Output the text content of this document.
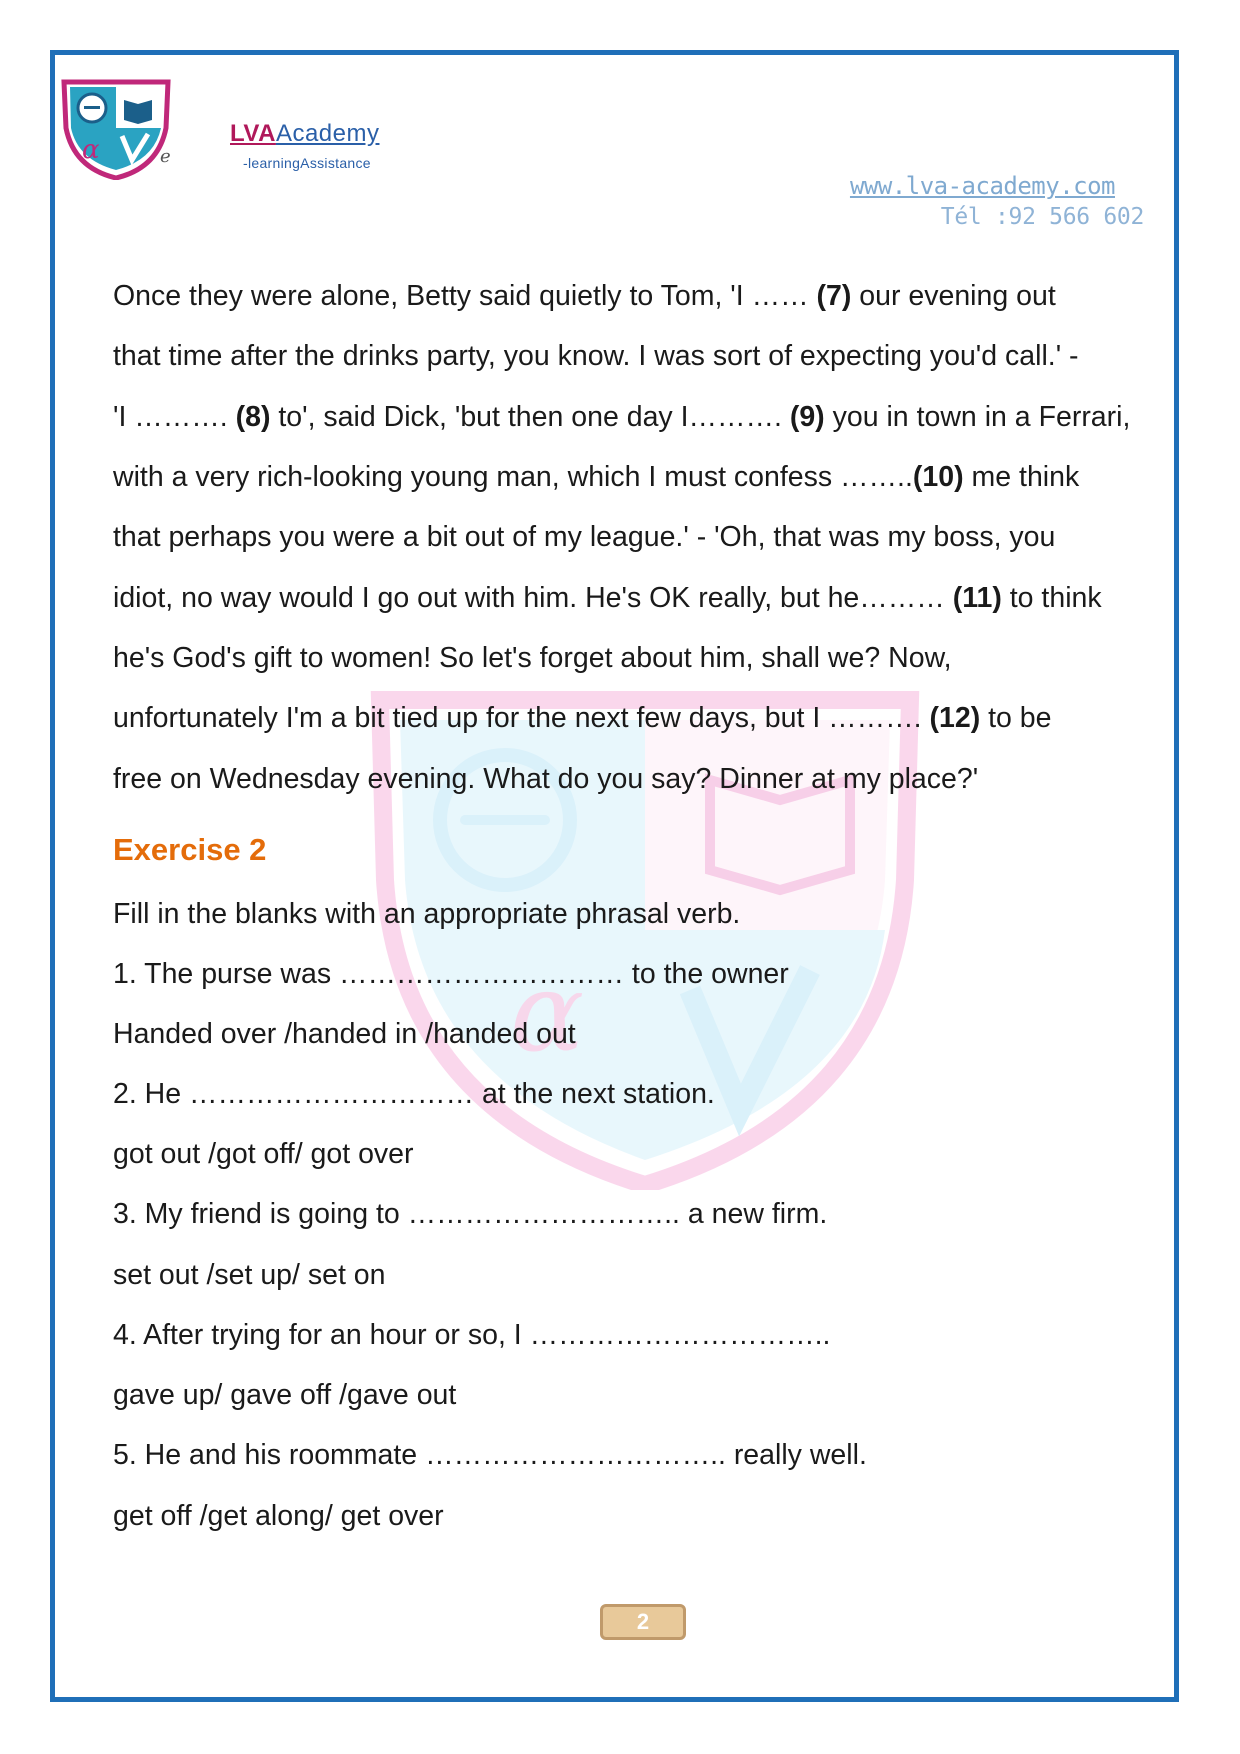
α
α	e
LVAAcademy
-learningAssistance
www.lva-academy.com
Tél :92 566 602
Once they were alone, Betty said quietly to Tom, 'I …… (7) our evening out
that time after the drinks party, you know. I was sort of expecting you'd call.' -
'I ………. (8) to', said Dick, 'but then one day I………. (9) you in town in a Ferrari,
with a very rich-looking young man, which I must confess ……..(10) me think
that perhaps you were a bit out of my league.' - 'Oh, that was my boss, you
idiot, no way would I go out with him. He's OK really, but he……… (11) to think
he's God's gift to women! So let's forget about him, shall we? Now,
unfortunately I'm a bit tied up for the next few days, but I ………. (12) to be
free on Wednesday evening. What do you say? Dinner at my place?'
Exercise 2
Fill in the blanks with an appropriate phrasal verb.
1. The purse was ………………………… to the owner
Handed over /handed in /handed out
2. He ………………………… at the next station.
got out /got off/ got over
3. My friend is going to ……………………….. a new firm.
set out /set up/ set on
4. After trying for an hour or so, I …………………………..
gave up/ gave off /gave out
5. He and his roommate ………………………….. really well.
get off /get along/ get over
2
